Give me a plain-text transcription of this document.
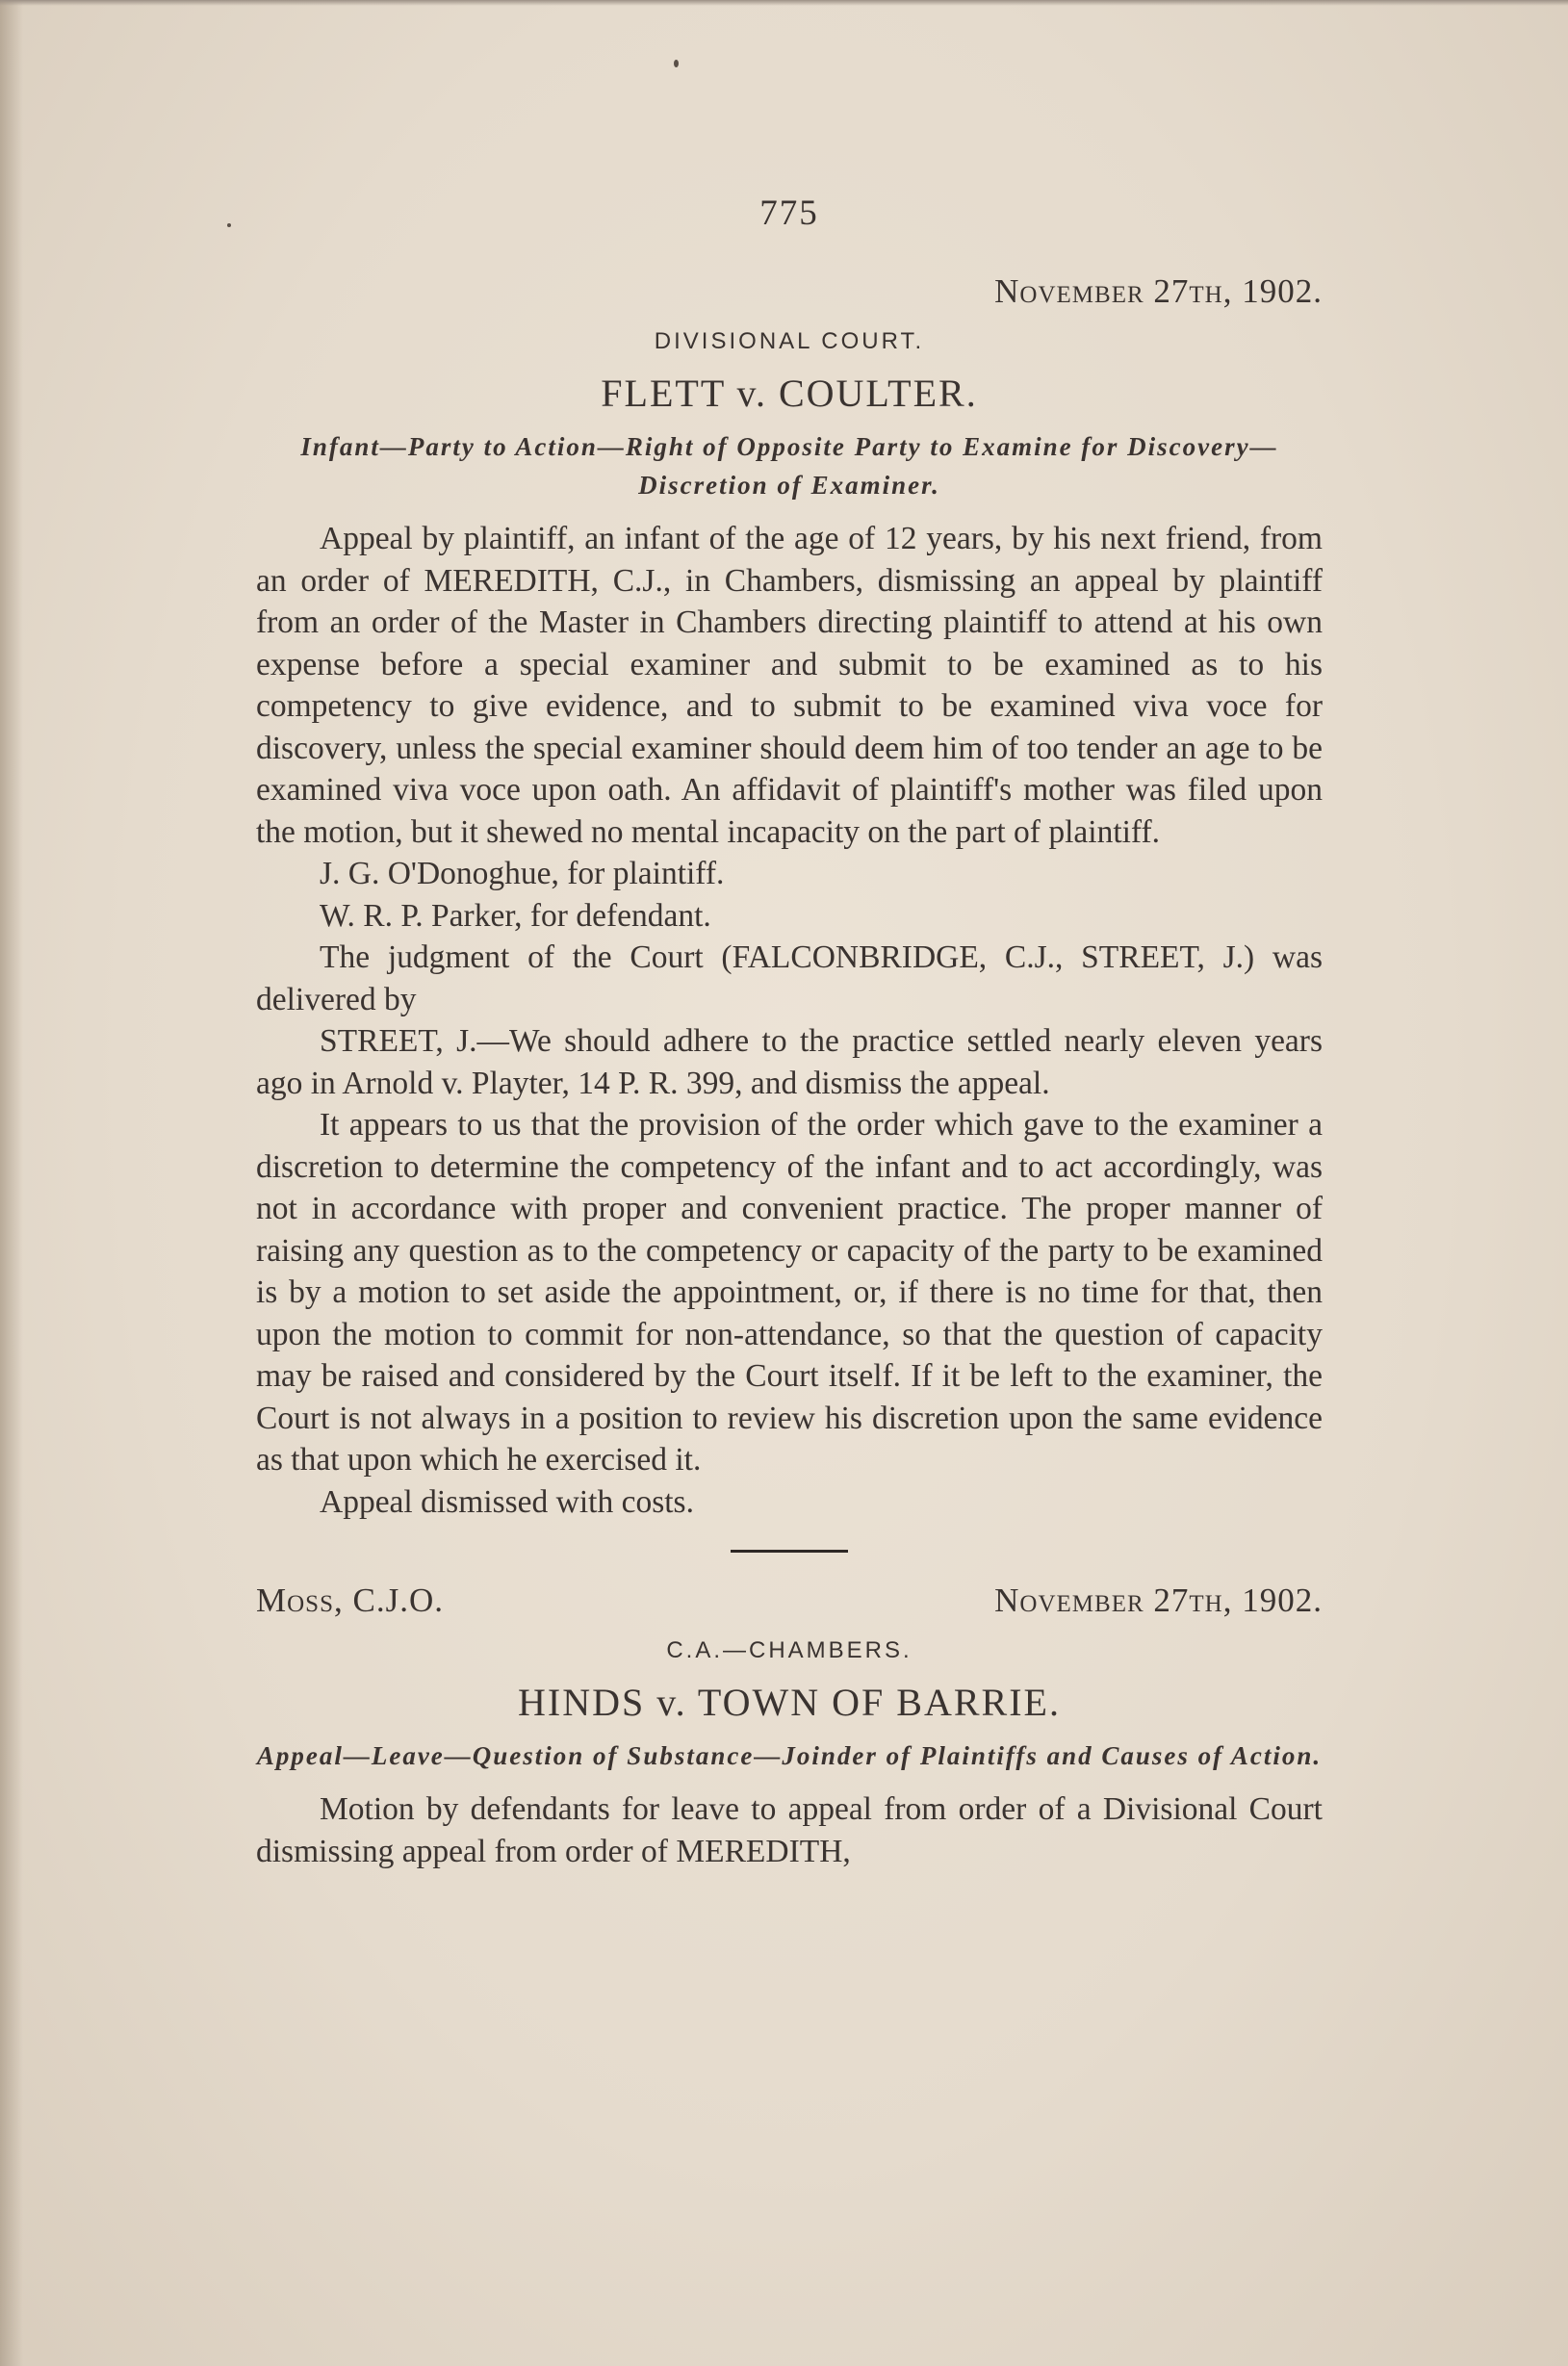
775
November 27th, 1902.
DIVISIONAL COURT.
FLETT v. COULTER.
Infant—Party to Action—Right of Opposite Party to Examine for Discovery—Discretion of Examiner.

Appeal by plaintiff, an infant of the age of 12 years, by his next friend, from an order of MEREDITH, C.J., in Chambers, dismissing an appeal by plaintiff from an order of the Master in Chambers directing plaintiff to attend at his own expense before a special examiner and submit to be examined as to his competency to give evidence, and to submit to be examined viva voce for discovery, unless the special examiner should deem him of too tender an age to be examined viva voce upon oath. An affidavit of plaintiff's mother was filed upon the motion, but it shewed no mental incapacity on the part of plaintiff.

J. G. O'Donoghue, for plaintiff.

W. R. P. Parker, for defendant.

The judgment of the Court (FALCONBRIDGE, C.J., STREET, J.) was delivered by

STREET, J.—We should adhere to the practice settled nearly eleven years ago in Arnold v. Playter, 14 P. R. 399, and dismiss the appeal.

It appears to us that the provision of the order which gave to the examiner a discretion to determine the competency of the infant and to act accordingly, was not in accordance with proper and convenient practice. The proper manner of raising any question as to the competency or capacity of the party to be examined is by a motion to set aside the appointment, or, if there is no time for that, then upon the motion to commit for non-attendance, so that the question of capacity may be raised and considered by the Court itself. If it be left to the examiner, the Court is not always in a position to review his discretion upon the same evidence as that upon which he exercised it.

Appeal dismissed with costs.

Moss, C.J.O.	November 27th, 1902.
C.A.—CHAMBERS.
HINDS v. TOWN OF BARRIE.
Appeal—Leave—Question of Substance—Joinder of Plaintiffs and Causes of Action.

Motion by defendants for leave to appeal from order of a Divisional Court dismissing appeal from order of MEREDITH,
